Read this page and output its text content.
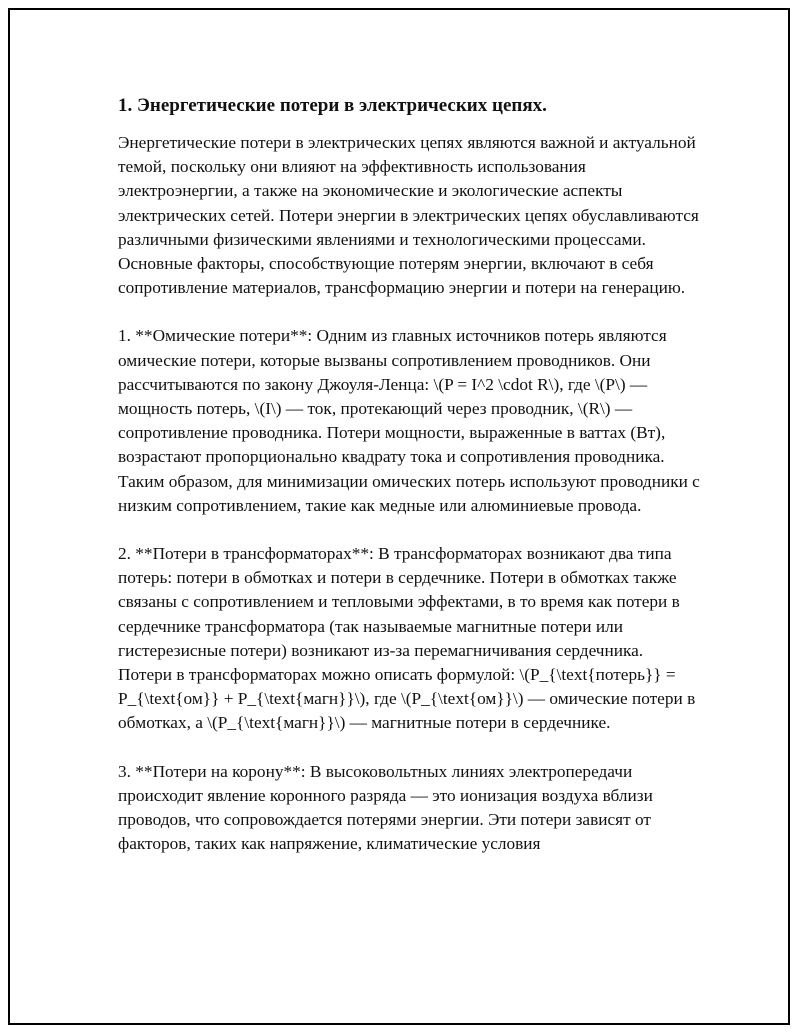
1. Энергетические потери в электрических цепях.

Энергетические потери в электрических цепях являются важной и актуальной темой, поскольку они влияют на эффективность использования электроэнергии, а также на экономические и экологические аспекты электрических сетей. Потери энергии в электрических цепях обуславливаются различными физическими явлениями и технологическими процессами. Основные факторы, способствующие потерям энергии, включают в себя сопротивление материалов, трансформацию энергии и потери на генерацию.

1. **Омические потери**: Одним из главных источников потерь являются омические потери, которые вызваны сопротивлением проводников. Они рассчитываются по закону Джоуля-Ленца: \(P = I^2 \cdot R\), где \(P\) — мощность потерь, \(I\) — ток, протекающий через проводник, \(R\) — сопротивление проводника. Потери мощности, выраженные в ваттах (Вт), возрастают пропорционально квадрату тока и сопротивления проводника. Таким образом, для минимизации омических потерь используют проводники с низким сопротивлением, такие как медные или алюминиевые провода.

2. **Потери в трансформаторах**: В трансформаторах возникают два типа потерь: потери в обмотках и потери в сердечнике. Потери в обмотках также связаны с сопротивлением и тепловыми эффектами, в то время как потери в сердечнике трансформатора (так называемые магнитные потери или гистерезисные потери) возникают из-за перемагничивания сердечника. Потери в трансформаторах можно описать формулой: \(P_{\text{потерь}} = P_{\text{ом}} + P_{\text{магн}}\), где \(P_{\text{ом}}\) — омические потери в обмотках, а \(P_{\text{магн}}\) — магнитные потери в сердечнике.

3. **Потери на корону**: В высоковольтных линиях электропередачи происходит явление коронного разряда — это ионизация воздуха вблизи проводов, что сопровождается потерями энергии. Эти потери зависят от факторов, таких как напряжение, климатические условия
